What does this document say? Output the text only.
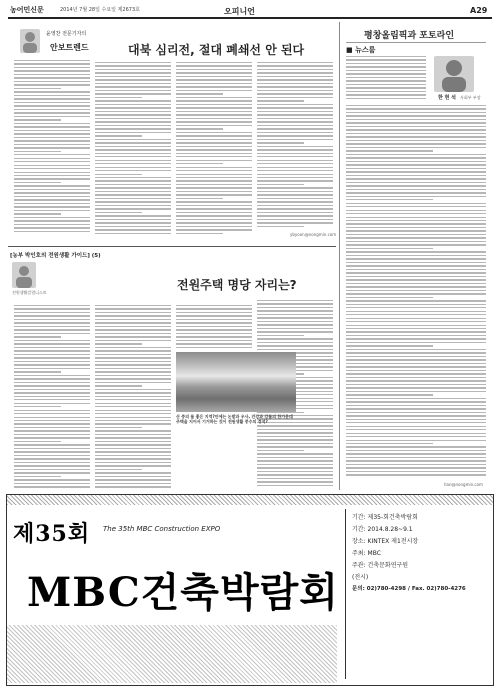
농어민신문	2014년 7월 28일 수요일 제2673호	오피니언	A29
윤영찬 전문기자의
안보트렌드	대북 심리전, 절대 폐쇄선 안 된다
ybyoon@nongmin.com
평창올림픽과 포토라인
■ 뉴스룸
한 현 석 사회부 부장
han@nongmin.com
[농부 박인호의 전원생활 가이드] (5)
전원주택 명당 자리는?
전원생활칼럼니스트
산 중의 물 좋은 지역?안에는 논밭과 우사, 건강과 강물의 한가운데 주택을 지어서 기거하는 것이 전원생활 풍수의 정석?
제35회 The 35th MBC Construction EXPO
MBC건축박람회
기간: 제35-회건축박람회
기간: 2014.8.28~9.1
장소: KINTEX 제1전시장
주최: MBC
주관: 건축문화연구원
(전시)
문의: 02)780-4298 / Fax. 02)780-4276
